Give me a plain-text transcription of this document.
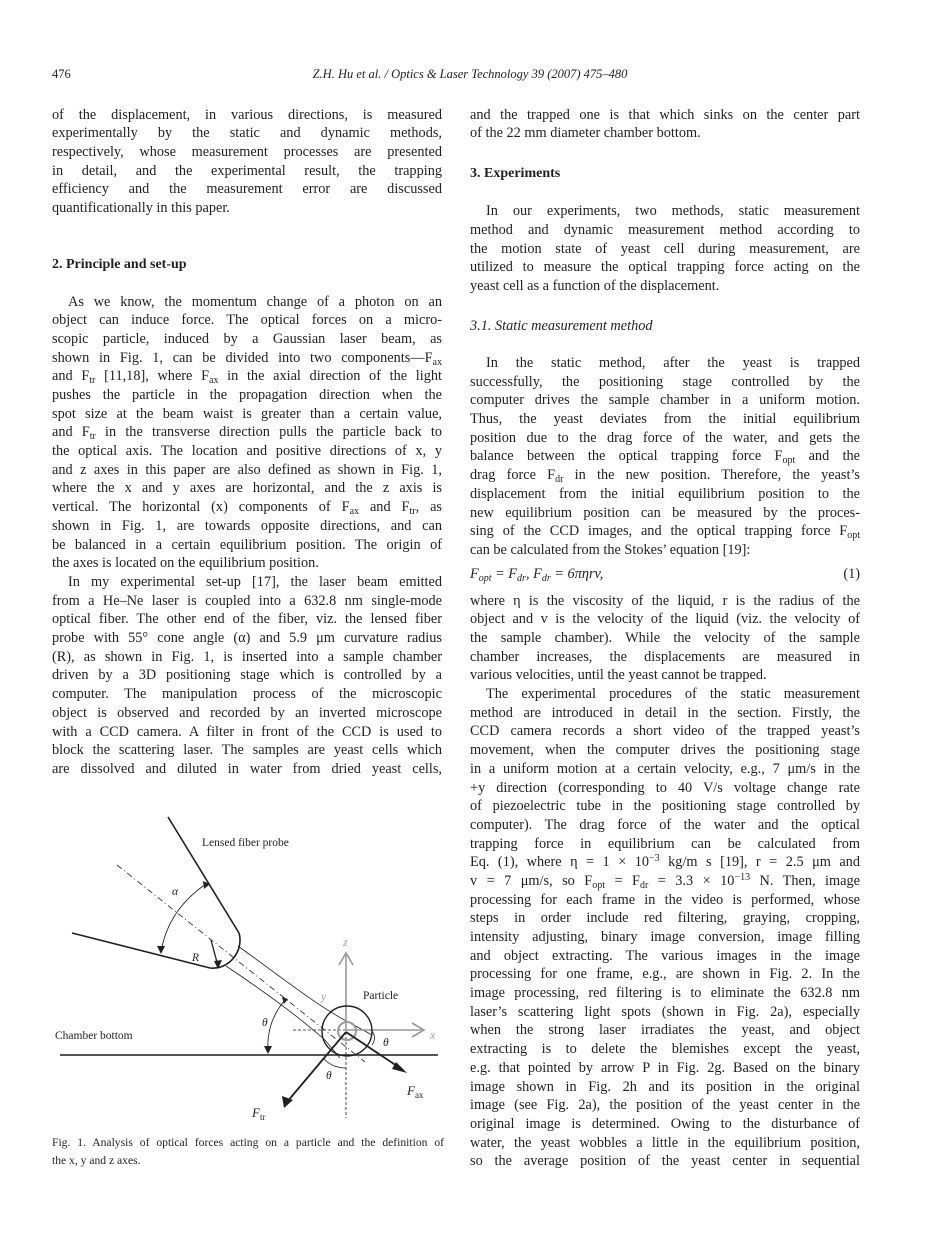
476	Z.H. Hu et al. / Optics & Laser Technology 39 (2007) 475–480
of the displacement, in various directions, is measured
experimentally by the static and dynamic methods,
respectively, whose measurement processes are presented
in detail, and the experimental result, the trapping
efficiency and the measurement error are discussed
quantificationally in this paper.
2. Principle and set-up
As we know, the momentum change of a photon on an
object can induce force. The optical forces on a micro-
scopic particle, induced by a Gaussian laser beam, as
shown in Fig. 1, can be divided into two $components—F_{ax}$
and $F_{tr}$ [11,18], where $F_{ax}$ in the axial direction of the light
pushes the particle in the propagation direction when the
spot size at the beam waist is greater than a certain value,
and $F_{tr}$ in the transverse direction pulls the particle back to
the optical axis. The location and positive directions of x, y
and z axes in this paper are also defined as shown in Fig. 1,
where the x and y axes are horizontal, and the z axis is
vertical. The horizontal (x) components of $F_{ax}$ and $F_{tr}$, as
shown in Fig. 1, are towards opposite directions, and can
be balanced in a certain equilibrium position. The origin of
the axes is located on the equilibrium position.
In my experimental set-up [17], the laser beam emitted
from a He–Ne laser is coupled into a 632.8 nm single-mode
optical fiber. The other end of the fiber, viz. the lensed fiber
probe with 55° cone angle (α) and 5.9 μm curvature radius
(R), as shown in Fig. 1, is inserted into a sample chamber
driven by a 3D positioning stage which is controlled by a
computer. The manipulation process of the microscopic
object is observed and recorded by an inverted microscope
with a CCD camera. A filter in front of the CCD is used to
block the scattering laser. The samples are yeast cells which
are dissolved and diluted in water from dried yeast cells,
Lensed fiber probe
α
R
z
y
x
Particle
Chamber bottom
θ
θ
θ
$F_{ax}$
$F_{tr}$
Fig. 1. Analysis of optical forces acting on a particle and the definition of
the x, y and z axes.
and the trapped one is that which sinks on the center part
of the 22 mm diameter chamber bottom.
3. Experiments
In our experiments, two methods, static measurement
method and dynamic measurement method according to
the motion state of yeast cell during measurement, are
utilized to measure the optical trapping force acting on the
yeast cell as a function of the displacement.
3.1. Static measurement method
In the static method, after the yeast is trapped
successfully, the positioning stage controlled by the
computer drives the sample chamber in a uniform motion.
Thus, the yeast deviates from the initial equilibrium
position due to the drag force of the water, and gets the
balance between the optical trapping force $F_{opt}$ and the
drag force $F_{dr}$ in the new position. Therefore, the yeast’s
displacement from the initial equilibrium position to the
new equilibrium position can be measured by the proces-
sing of the CCD images, and the optical trapping force $F_{opt}$
can be calculated from the Stokes’ equation [19]:
$F_{opt} = F_{dr}$, $F_{dr} = 6\pi\eta rv$,	(1)
where η is the viscosity of the liquid, r is the radius of the
object and v is the velocity of the liquid (viz. the velocity of
the sample chamber). While the velocity of the sample
chamber increases, the displacements are measured in
various velocities, until the yeast cannot be trapped.
The experimental procedures of the static measurement
method are introduced in detail in the section. Firstly, the
CCD camera records a short video of the trapped yeast’s
movement, when the computer drives the positioning stage
in a uniform motion at a certain velocity, e.g., 7 μm/s in the
+y direction (corresponding to 40 V/s voltage change rate
of piezoelectric tube in the positioning stage controlled by
computer). The drag force of the water and the optical
trapping force in equilibrium can be calculated from
Eq. (1), where $\eta = 1 \times 10^{-3}$ kg/m s [19], r = 2.5 μm and
v = 7 μm/s, so $F_{opt} = F_{dr} = 3.3 \times 10^{-13}$ N. Then, image
processing for each frame in the video is performed, whose
steps in order include red filtering, graying, cropping,
intensity adjusting, binary image conversion, image filling
and object extracting. The various images in the image
processing for one frame, e.g., are shown in Fig. 2. In the
image processing, red filtering is to eliminate the 632.8 nm
laser’s scattering light spots (shown in Fig. 2a), especially
when the strong laser irradiates the yeast, and object
extracting is to delete the blemishes except the yeast,
e.g. that pointed by arrow P in Fig. 2g. Based on the binary
image shown in Fig. 2h and its position in the original
image (see Fig. 2a), the position of the yeast center in the
original image is determined. Owing to the disturbance of
water, the yeast wobbles a little in the equilibrium position,
so the average position of the yeast center in sequential
